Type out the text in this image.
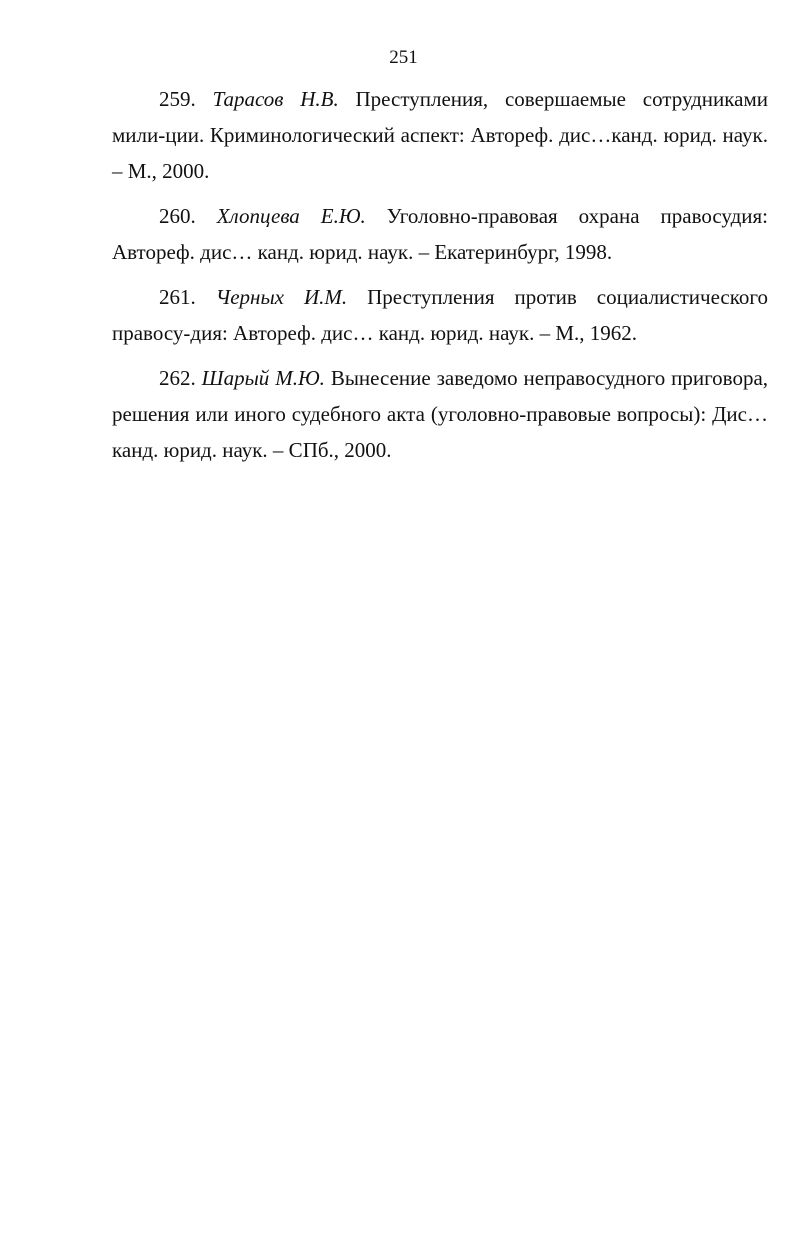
251

259. Тарасов Н.В. Преступления, совершаемые сотрудниками мили-ции. Криминологический аспект: Автореф. дис…канд. юрид. наук. – М., 2000.

260. Хлопцева Е.Ю. Уголовно-правовая охрана правосудия: Автореф. дис… канд. юрид. наук. – Екатеринбург, 1998.

261. Черных И.М. Преступления против социалистического правосу-дия: Автореф. дис… канд. юрид. наук. – М., 1962.

262. Шарый М.Ю. Вынесение заведомо неправосудного приговора, решения или иного судебного акта (уголовно-правовые вопросы): Дис… канд. юрид. наук. – СПб., 2000.
